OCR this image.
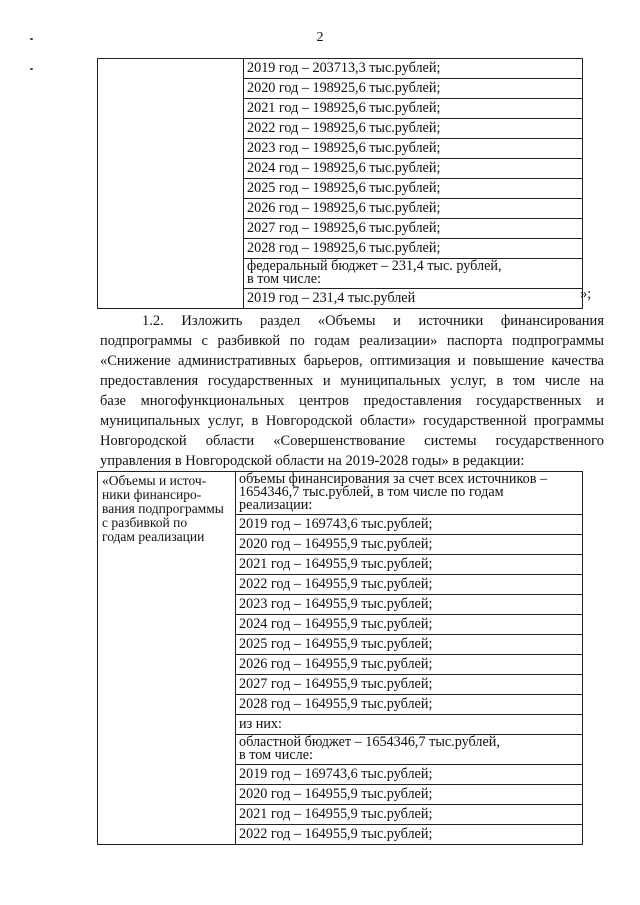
2
	2019 год – 203713,3 тыс.рублей;
2020 год – 198925,6 тыс.рублей;
2021 год – 198925,6 тыс.рублей;
2022 год – 198925,6 тыс.рублей;
2023 год – 198925,6 тыс.рублей;
2024 год – 198925,6 тыс.рублей;
2025 год – 198925,6 тыс.рублей;
2026 год – 198925,6 тыс.рублей;
2027 год – 198925,6 тыс.рублей;
2028 год – 198925,6 тыс.рублей;
федеральный бюджет – 231,4 тыс. рублей,
в том числе:
2019 год – 231,4 тыс.рублей	»;
1.2. Изложить раздел «Объемы и источники финансирования
подпрограммы с разбивкой по годам реализации» паспорта подпрограммы
«Снижение административных барьеров, оптимизация и повышение качества
предоставления государственных и муниципальных услуг, в том числе на
базе многофункциональных центров предоставления государственных и
муниципальных услуг, в Новгородской области» государственной программы
Новгородской области «Совершенствование системы государственного
управления в Новгородской области на 2019-2028 годы» в редакции:
«Объемы и источ-
ники финансиро-
вания подпрограммы
с разбивкой по
годам реализации	объемы финансирования за счет всех источников –
1654346,7 тыс.рублей, в том числе по годам
реализации:
2019 год – 169743,6 тыс.рублей;
2020 год – 164955,9 тыс.рублей;
2021 год – 164955,9 тыс.рублей;
2022 год – 164955,9 тыс.рублей;
2023 год – 164955,9 тыс.рублей;
2024 год – 164955,9 тыс.рублей;
2025 год – 164955,9 тыс.рублей;
2026 год – 164955,9 тыс.рублей;
2027 год – 164955,9 тыс.рублей;
2028 год – 164955,9 тыс.рублей;
из них:
областной бюджет – 1654346,7 тыс.рублей,
в том числе:
2019 год – 169743,6 тыс.рублей;
2020 год – 164955,9 тыс.рублей;
2021 год – 164955,9 тыс.рублей;
2022 год – 164955,9 тыс.рублей;
